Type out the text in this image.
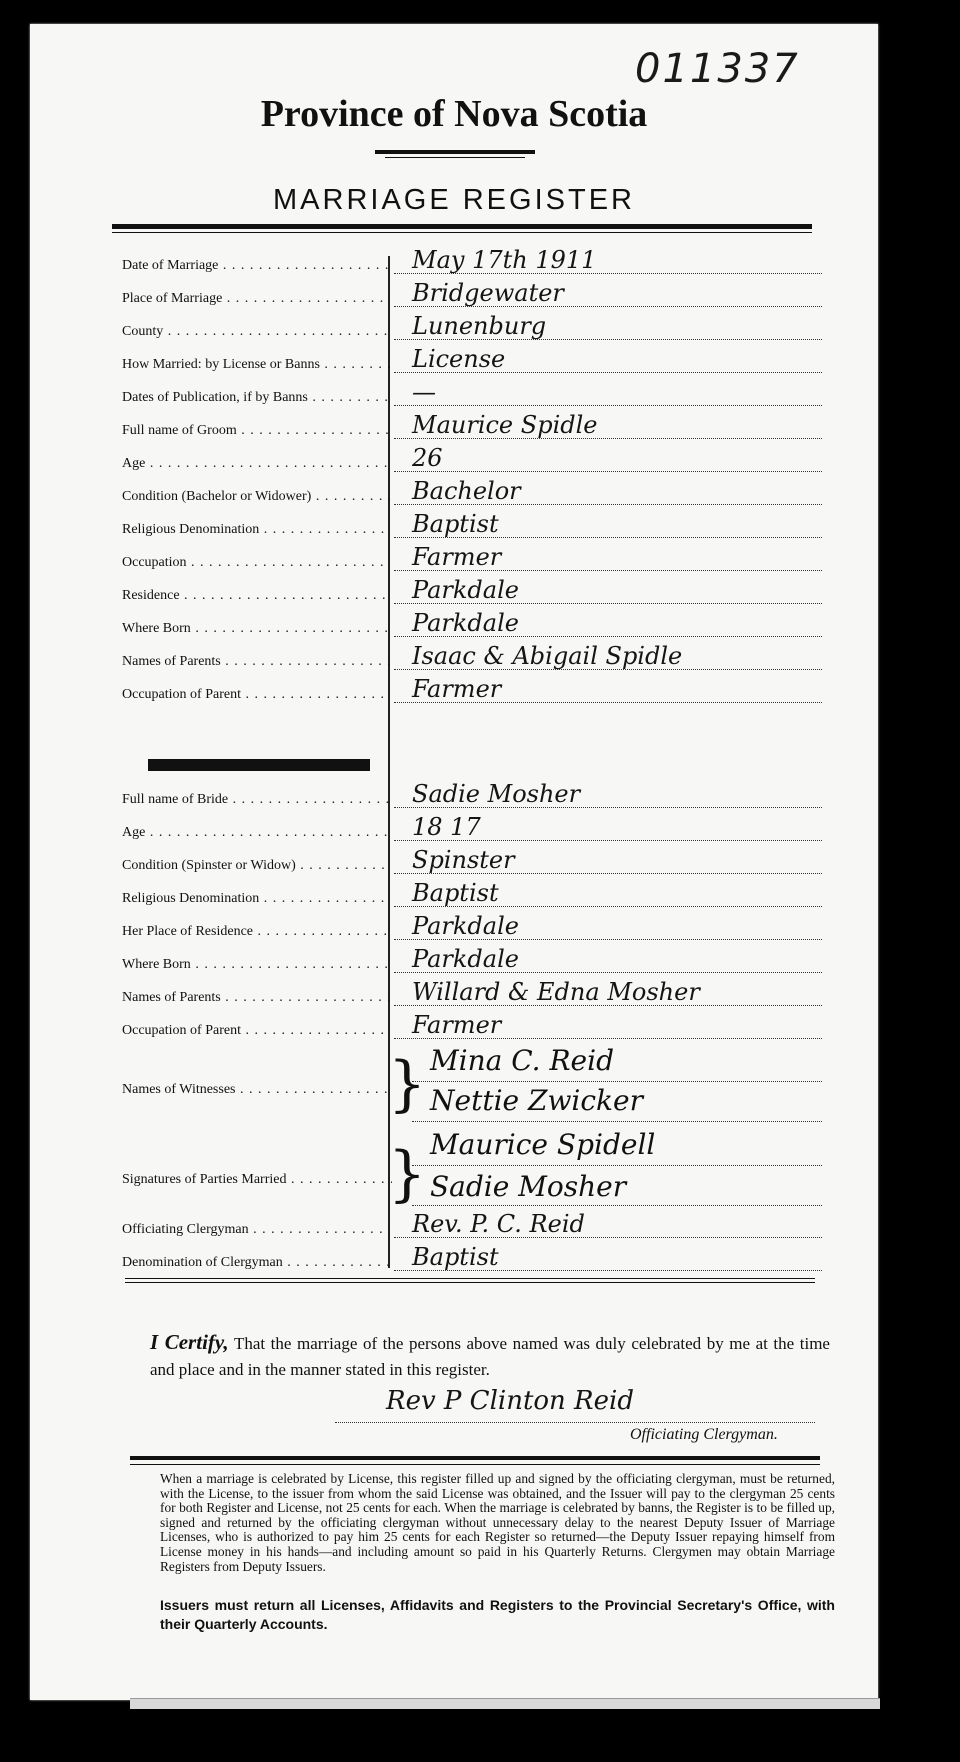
011337
Province of Nova Scotia
MARRIAGE REGISTER
Date of Marriage . . .	May 17th 1911
Place of Marriage . . .	Bridgewater
County . . .	Lunenburg
How Married: by License or Banns . . .	License
Dates of Publication, if by Banns . . .	—
Full name of Groom . . .	Maurice Spidle
Age . . .	26
Condition (Bachelor or Widower) . . .	Bachelor
Religious Denomination . . .	Baptist
Occupation . . .	Farmer
Residence . . .	Parkdale
Where Born . . .	Parkdale
Names of Parents . . .	Isaac & Abigail Spidle
Occupation of Parent . . .	Farmer
Full name of Bride . . .	Sadie Mosher
Age . . .	18 17
Condition (Spinster or Widow) . . .	Spinster
Religious Denomination . . .	Baptist
Her Place of Residence . . .	Parkdale
Where Born . . .	Parkdale
Names of Parents . . .	Willard & Edna Mosher
Occupation of Parent . . .	Farmer
Names of Witnesses . . .	} Mina C. Reid
Nettie Zwicker
Signatures of Parties Married . . .	} Maurice Spidell
Sadie Mosher
Officiating Clergyman . . .	Rev. P. C. Reid
Denomination of Clergyman . . .	Baptist
I Certify, That the marriage of the persons above named was duly celebrated by me at the time and place and in the manner stated in this register.
Rev P Clinton Reid
Officiating Clergyman.
When a marriage is celebrated by License, this register filled up and signed by the officiating clergyman, must be returned, with the License, to the issuer from whom the said License was obtained, and the Issuer will pay to the clergyman 25 cents for both Register and License, not 25 cents for each. When the marriage is celebrated by banns, the Register is to be filled up, signed and returned by the officiating clergyman without unnecessary delay to the nearest Deputy Issuer of Marriage Licenses, who is authorized to pay him 25 cents for each Register so returned—the Deputy Issuer repaying himself from License money in his hands—and including amount so paid in his Quarterly Returns. Clergymen may obtain Marriage Registers from Deputy Issuers.
Issuers must return all Licenses, Affidavits and Registers to the Provincial Secretary's Office, with their Quarterly Accounts.
